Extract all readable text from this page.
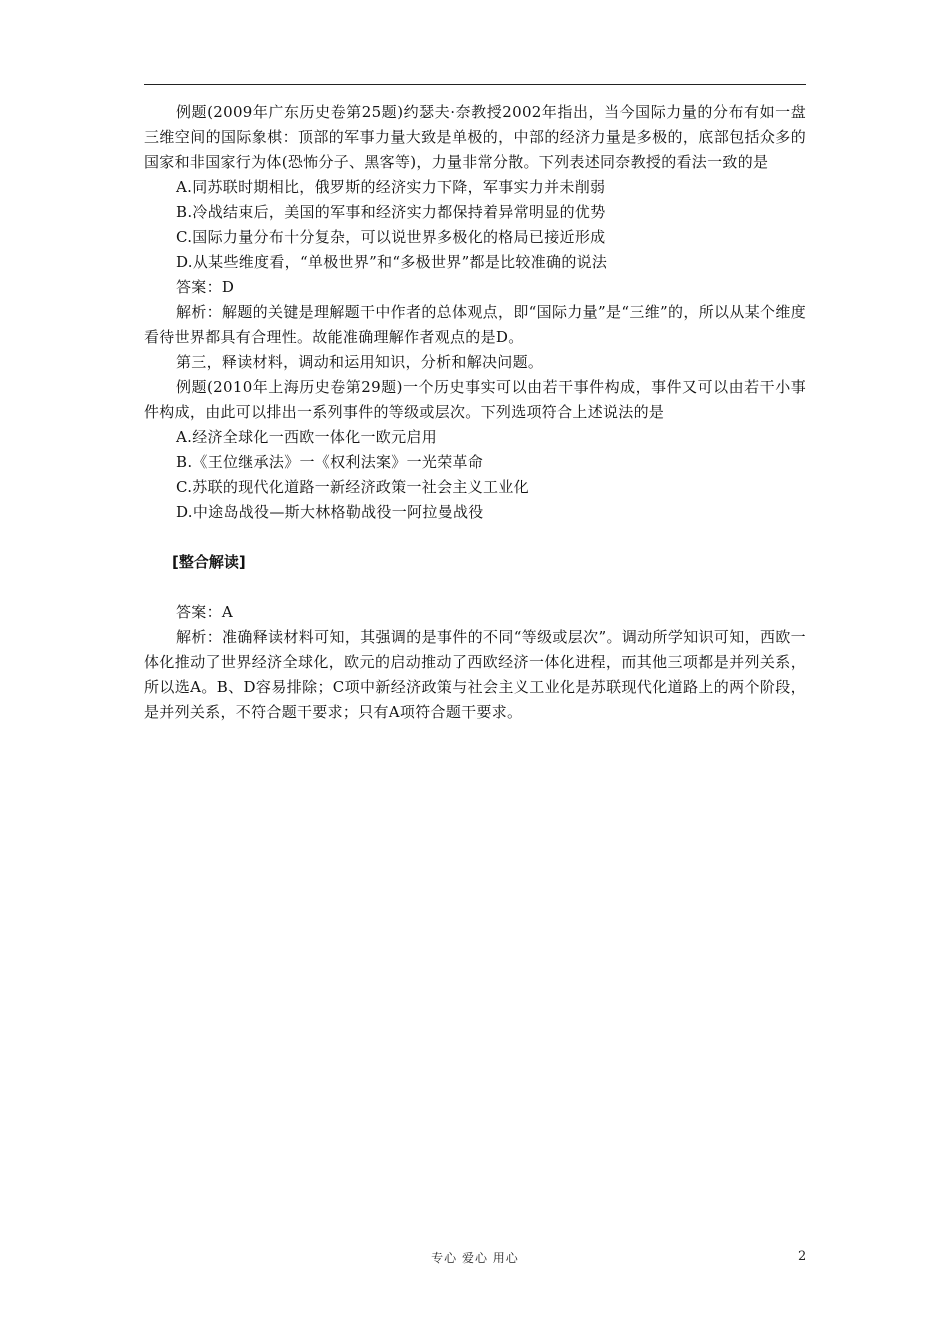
例题(2009年广东历史卷第25题)约瑟夫·奈教授2002年指出，当今国际力量的分布有如一盘三维空间的国际象棋：顶部的军事力量大致是单极的，中部的经济力量是多极的，底部包括众多的国家和非国家行为体(恐怖分子、黑客等)，力量非常分散。下列表述同奈教授的看法一致的是

A.同苏联时期相比，俄罗斯的经济实力下降，军事实力并未削弱

B.冷战结束后，美国的军事和经济实力都保持着异常明显的优势

C.国际力量分布十分复杂，可以说世界多极化的格局已接近形成

D.从某些维度看，“单极世界”和“多极世界”都是比较准确的说法

答案：D

解析：解题的关键是理解题干中作者的总体观点，即“国际力量”是“三维”的，所以从某个维度看待世界都具有合理性。故能准确理解作者观点的是D。

第三，释读材料，调动和运用知识，分析和解决问题。

例题(2010年上海历史卷第29题)一个历史事实可以由若干事件构成，事件又可以由若干小事件构成，由此可以排出一系列事件的等级或层次。下列选项符合上述说法的是

A.经济全球化一西欧一体化一欧元启用

B.《王位继承法》一《权利法案》一光荣革命

C.苏联的现代化道路一新经济政策一社会主义工业化

D.中途岛战役—斯大林格勒战役一阿拉曼战役

[整合解读]

答案：A

解析：准确释读材料可知，其强调的是事件的不同“等级或层次”。调动所学知识可知，西欧一体化推动了世界经济全球化，欧元的启动推动了西欧经济一体化进程，而其他三项都是并列关系，所以选A。B、D容易排除；C项中新经济政策与社会主义工业化是苏联现代化道路上的两个阶段，是并列关系，不符合题干要求；只有A项符合题干要求。

专心 爱心 用心	2
